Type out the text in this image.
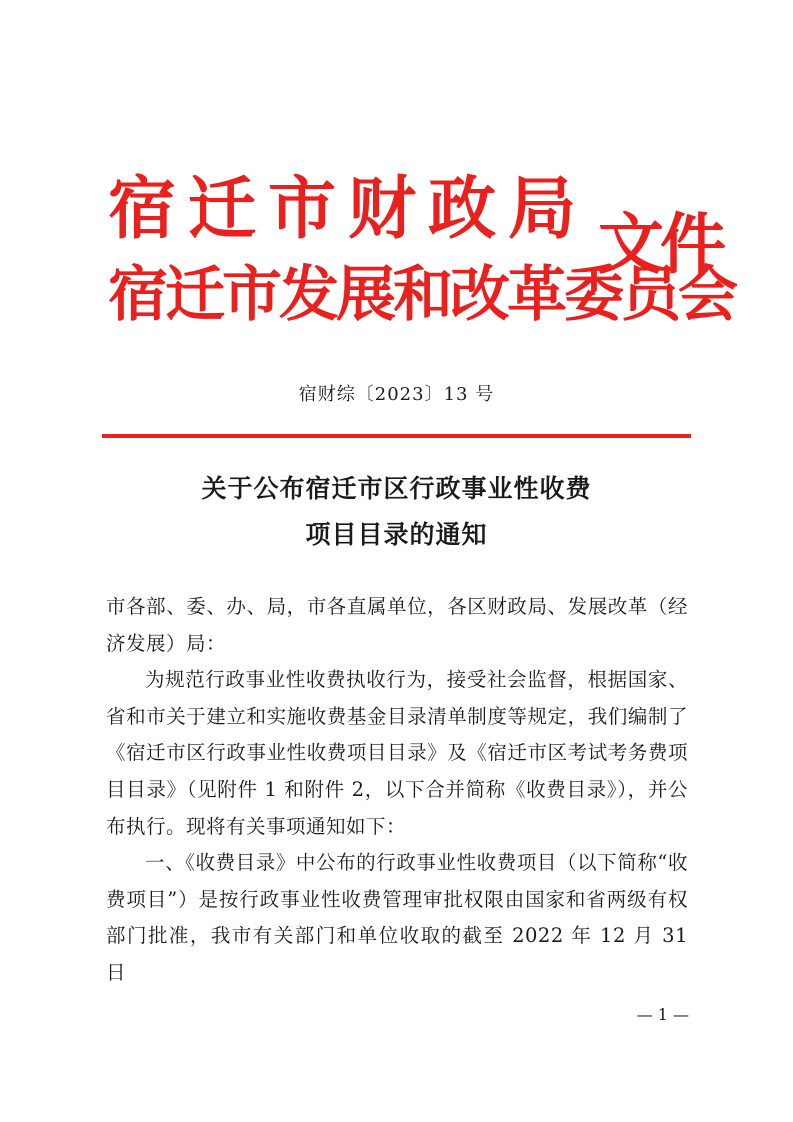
宿迁市财政局
宿迁市发展和改革委员会
文件
宿财综〔2023〕13 号
关于公布宿迁市区行政事业性收费
项目目录的通知

市各部、委、办、局，市各直属单位，各区财政局、发展改革（经济发展）局：

为规范行政事业性收费执收行为，接受社会监督，根据国家、省和市关于建立和实施收费基金目录清单制度等规定，我们编制了《宿迁市区行政事业性收费项目目录》及《宿迁市区考试考务费项目目录》（见附件 1 和附件 2，以下合并简称《收费目录》），并公布执行。现将有关事项通知如下：

一、《收费目录》中公布的行政事业性收费项目（以下简称“收费项目”）是按行政事业性收费管理审批权限由国家和省两级有权部门批准，我市有关部门和单位收取的截至 2022 年 12 月 31 日

— 1 —
